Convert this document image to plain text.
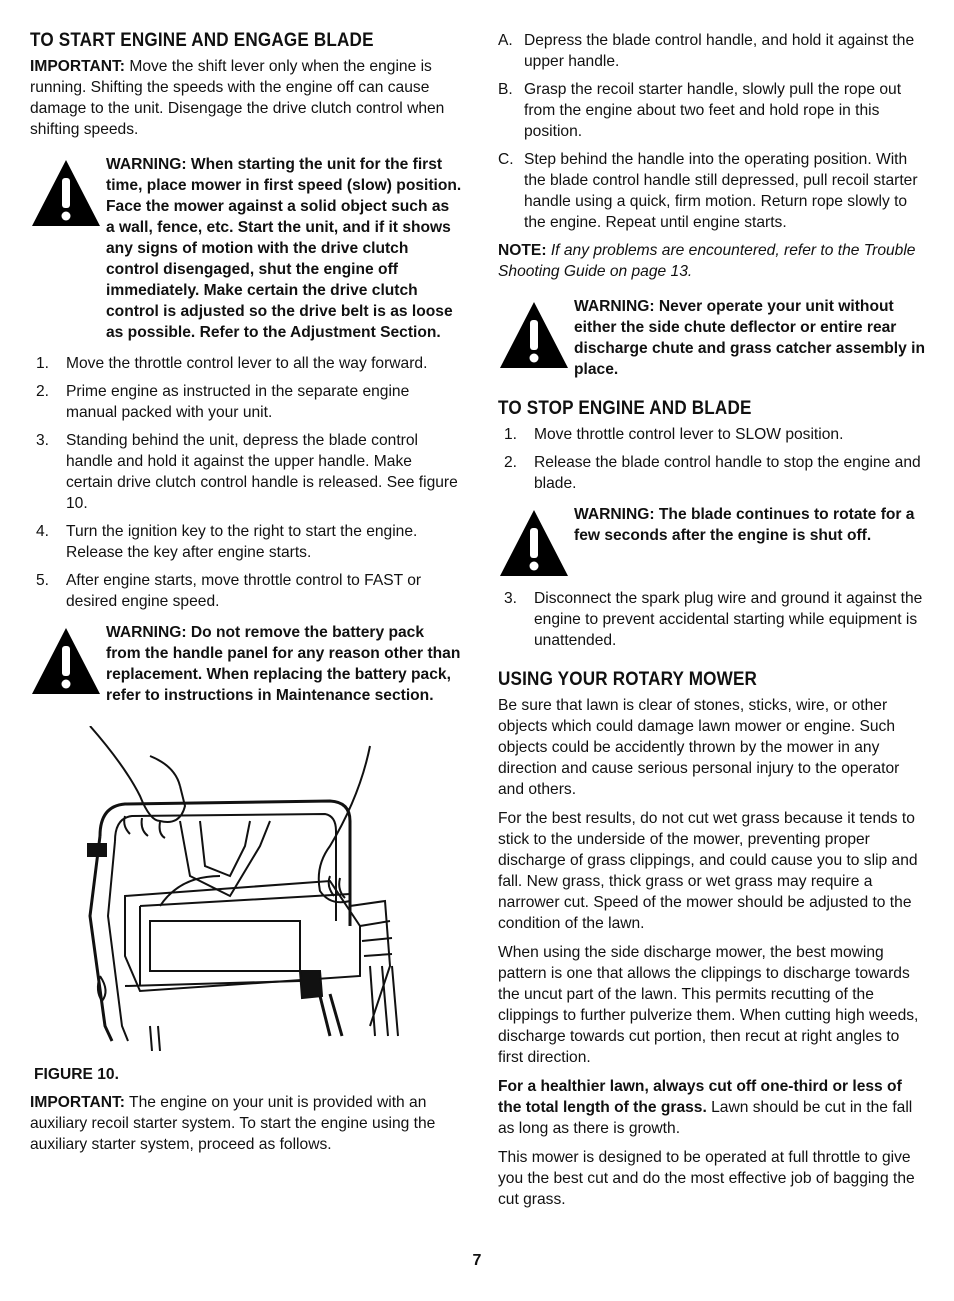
TO START ENGINE AND ENGAGE BLADE

IMPORTANT: Move the shift lever only when the engine is running. Shifting the speeds with the engine off can cause damage to the unit. Disengage the drive clutch control when shifting speeds.

WARNING: When starting the unit for the first time, place mower in first speed (slow) position. Face the mower against a solid object such as a wall, fence, etc. Start the unit, and if it shows any signs of motion with the drive clutch control disengaged, shut the engine off immediately. Make certain the drive clutch control is adjusted so the drive belt is as loose as possible. Refer to the Adjustment Section.
1.	Move the throttle control lever to all the way forward.
2.	Prime engine as instructed in the separate engine manual packed with your unit.
3.	Standing behind the unit, depress the blade control handle and hold it against the upper handle. Make certain drive clutch control handle is released. See figure 10.
4.	Turn the ignition key to the right to start the engine. Release the key after engine starts.
5.	After engine starts, move throttle control to FAST or desired engine speed.
WARNING: Do not remove the battery pack from the handle panel for any reason other than replacement. When replacing the battery pack, refer to instructions in Maintenance section.
FIGURE 10.

IMPORTANT: The engine on your unit is provided with an auxiliary recoil starter system. To start the engine using the auxiliary starter system, proceed as follows.

A. Depress the blade control handle, and hold it against the upper handle.
B. Grasp the recoil starter handle, slowly pull the rope out from the engine about two feet and hold rope in this position.
C. Step behind the handle into the operating position. With the blade control handle still depressed, pull recoil starter handle using a quick, firm motion. Return rope slowly to the engine. Repeat until engine starts.

NOTE: If any problems are encountered, refer to the Trouble Shooting Guide on page 13.

WARNING: Never operate your unit without either the side chute deflector or entire rear discharge chute and grass catcher assembly in place.
TO STOP ENGINE AND BLADE
1.	Move throttle control lever to SLOW position.
2.	Release the blade control handle to stop the engine and blade.
WARNING: The blade continues to rotate for a few seconds after the engine is shut off.
3.	Disconnect the spark plug wire and ground it against the engine to prevent accidental starting while equipment is unattended.
USING YOUR ROTARY MOWER

Be sure that lawn is clear of stones, sticks, wire, or other objects which could damage lawn mower or engine. Such objects could be accidently thrown by the mower in any direction and cause serious personal injury to the operator and others.

For the best results, do not cut wet grass because it tends to stick to the underside of the mower, preventing proper discharge of grass clippings, and could cause you to slip and fall. New grass, thick grass or wet grass may require a narrower cut. Speed of the mower should be adjusted to the condition of the lawn.

When using the side discharge mower, the best mowing pattern is one that allows the clippings to discharge towards the uncut part of the lawn. This permits recutting of the clippings to further pulverize them. When cutting high weeds, discharge towards cut portion, then recut at right angles to first direction.

For a healthier lawn, always cut off one-third or less of the total length of the grass. Lawn should be cut in the fall as long as there is growth.

This mower is designed to be operated at full throttle to give you the best cut and do the most effective job of bagging the cut grass.

7
